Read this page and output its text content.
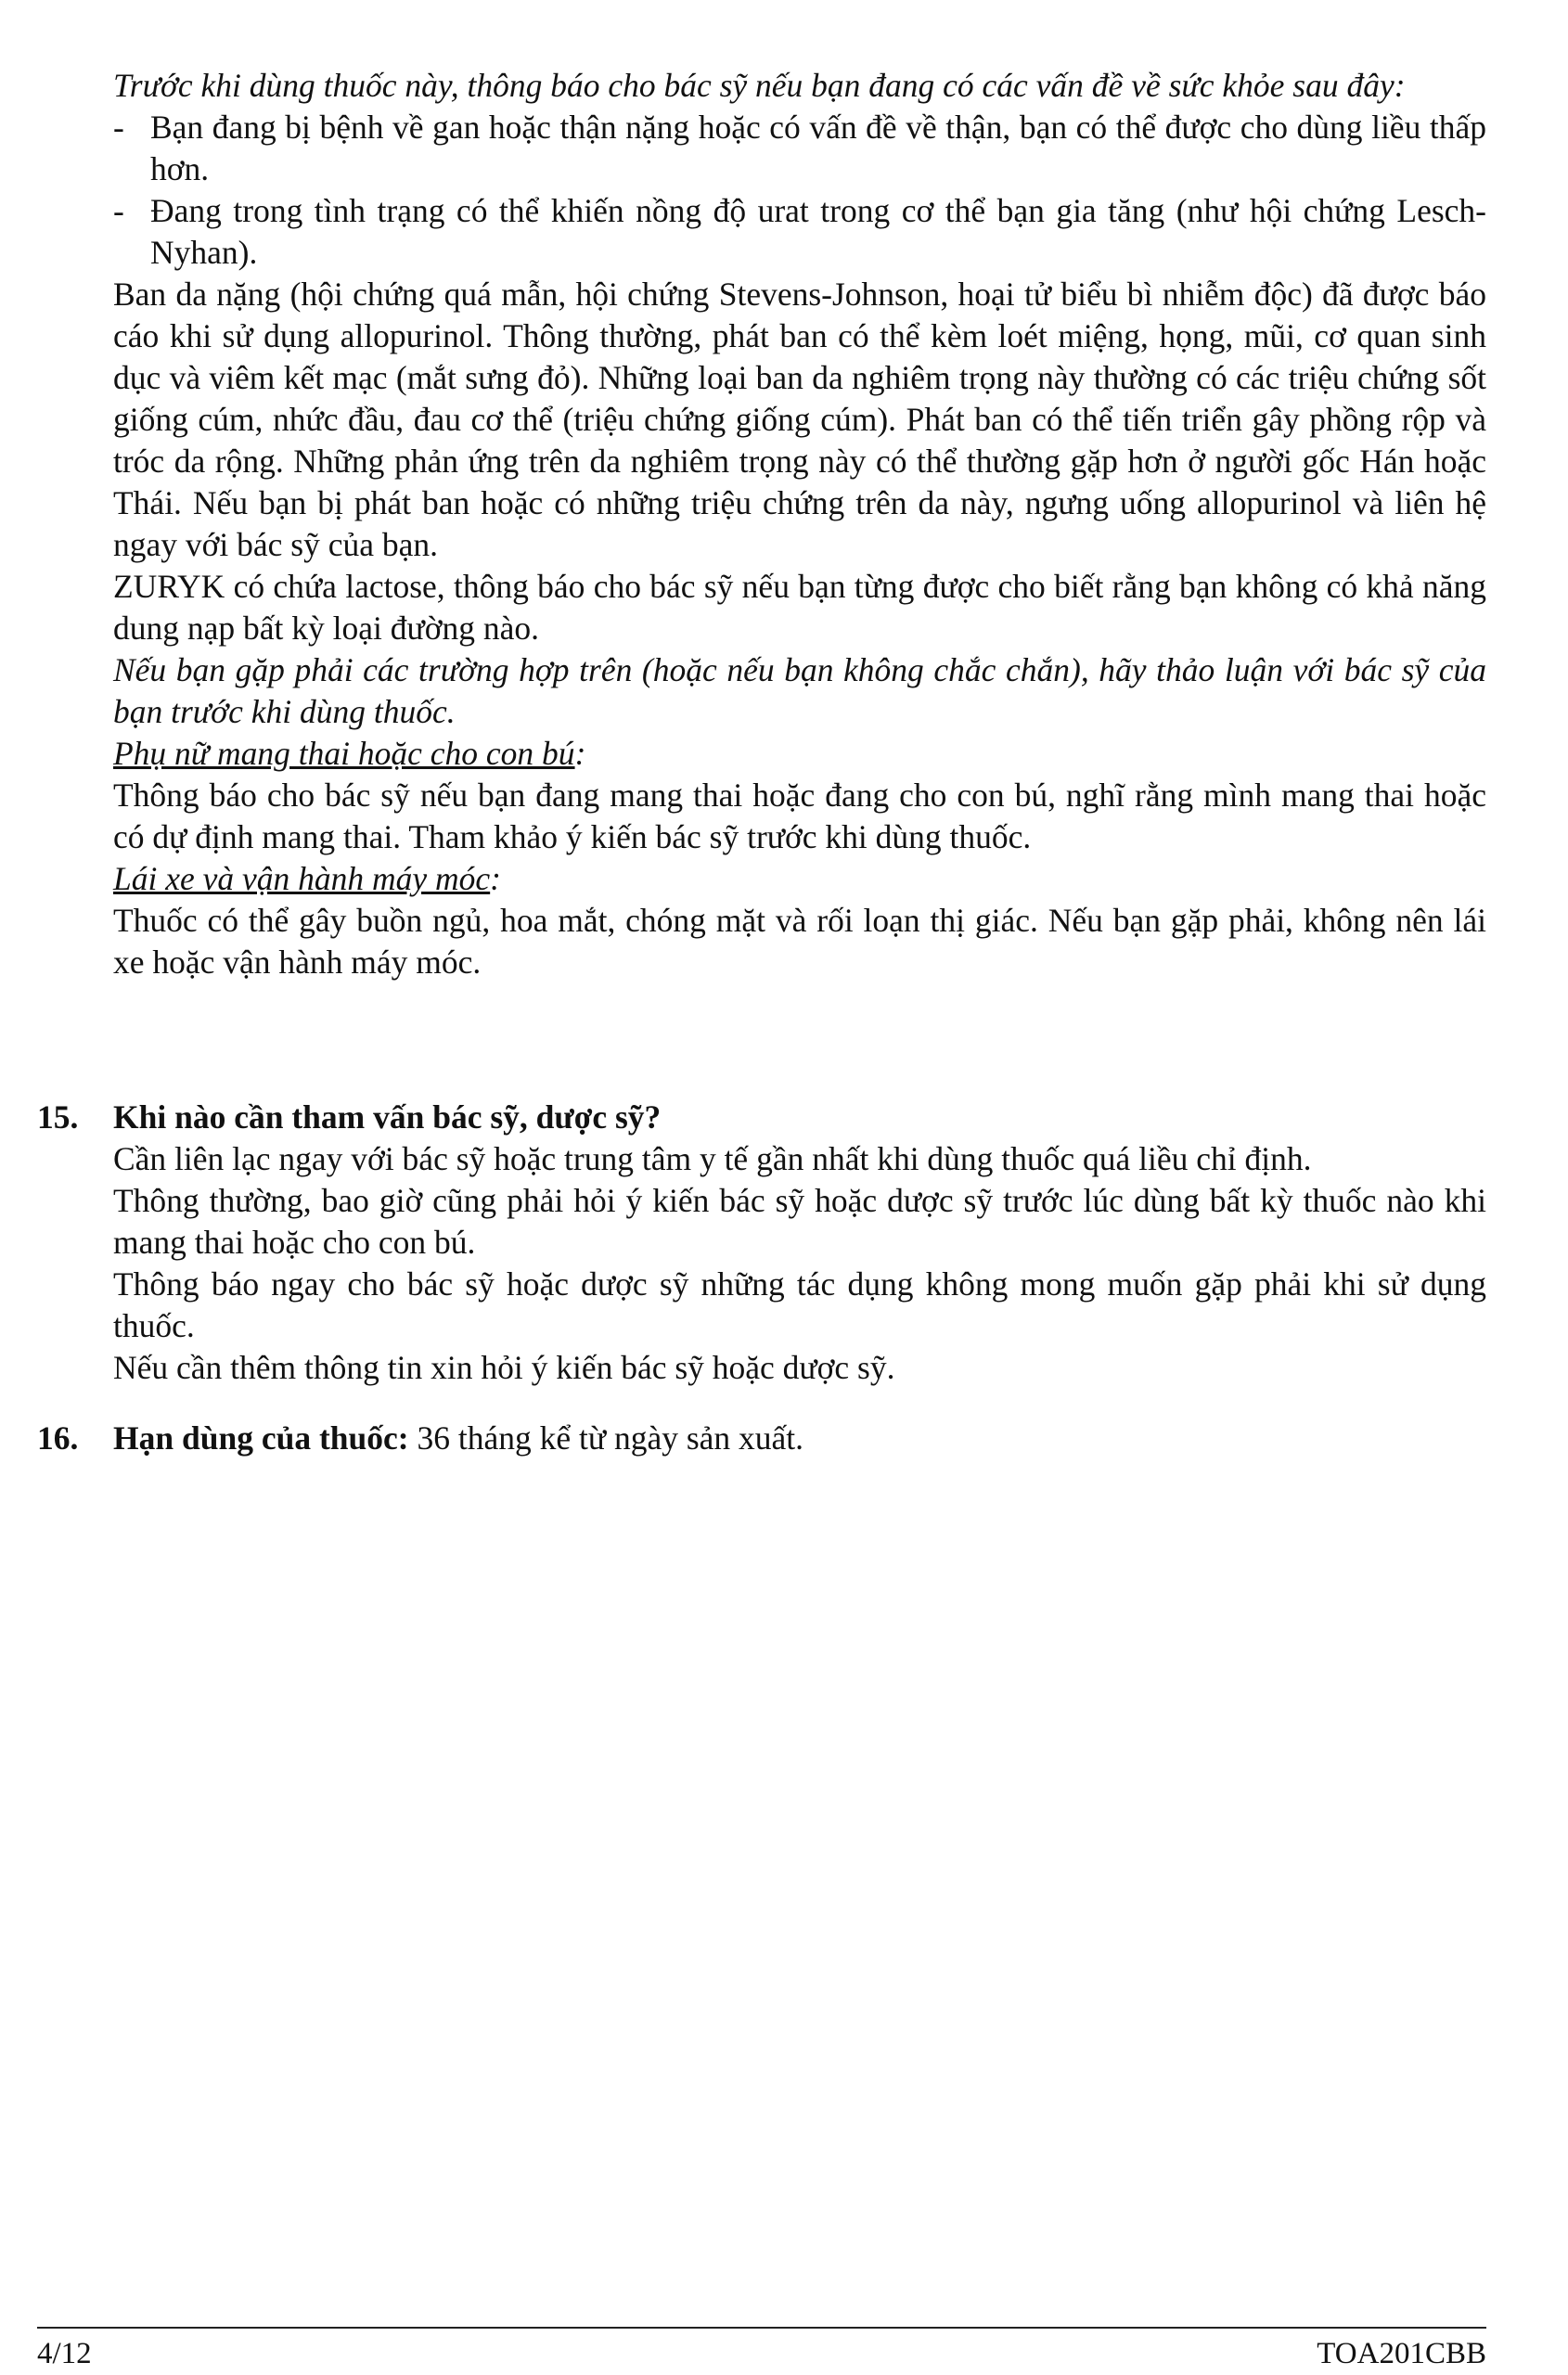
Trước khi dùng thuốc này, thông báo cho bác sỹ nếu bạn đang có các vấn đề về sức khỏe sau đây:
- Bạn đang bị bệnh về gan hoặc thận nặng hoặc có vấn đề về thận, bạn có thể được cho dùng liều thấp hơn.
- Đang trong tình trạng có thể khiến nồng độ urat trong cơ thể bạn gia tăng (như hội chứng Lesch-Nyhan).
Ban da nặng (hội chứng quá mẫn, hội chứng Stevens-Johnson, hoại tử biểu bì nhiễm độc) đã được báo cáo khi sử dụng allopurinol. Thông thường, phát ban có thể kèm loét miệng, họng, mũi, cơ quan sinh dục và viêm kết mạc (mắt sưng đỏ). Những loại ban da nghiêm trọng này thường có các triệu chứng sốt giống cúm, nhức đầu, đau cơ thể (triệu chứng giống cúm). Phát ban có thể tiến triển gây phồng rộp và tróc da rộng. Những phản ứng trên da nghiêm trọng này có thể thường gặp hơn ở người gốc Hán hoặc Thái. Nếu bạn bị phát ban hoặc có những triệu chứng trên da này, ngưng uống allopurinol và liên hệ ngay với bác sỹ của bạn.
ZURYK có chứa lactose, thông báo cho bác sỹ nếu bạn từng được cho biết rằng bạn không có khả năng dung nạp bất kỳ loại đường nào.
Nếu bạn gặp phải các trường hợp trên (hoặc nếu bạn không chắc chắn), hãy thảo luận với bác sỹ của bạn trước khi dùng thuốc.
Phụ nữ mang thai hoặc cho con bú:
Thông báo cho bác sỹ nếu bạn đang mang thai hoặc đang cho con bú, nghĩ rằng mình mang thai hoặc có dự định mang thai. Tham khảo ý kiến bác sỹ trước khi dùng thuốc.
Lái xe và vận hành máy móc:
Thuốc có thể gây buồn ngủ, hoa mắt, chóng mặt và rối loạn thị giác. Nếu bạn gặp phải, không nên lái xe hoặc vận hành máy móc.
15.	Khi nào cần tham vấn bác sỹ, dược sỹ?
Cần liên lạc ngay với bác sỹ hoặc trung tâm y tế gần nhất khi dùng thuốc quá liều chỉ định.
Thông thường, bao giờ cũng phải hỏi ý kiến bác sỹ hoặc dược sỹ trước lúc dùng bất kỳ thuốc nào khi mang thai hoặc cho con bú.
Thông báo ngay cho bác sỹ hoặc dược sỹ những tác dụng không mong muốn gặp phải khi sử dụng thuốc.
Nếu cần thêm thông tin xin hỏi ý kiến bác sỹ hoặc dược sỹ.
16.	Hạn dùng của thuốc: 36 tháng kể từ ngày sản xuất.
4/12	TOA201CBB
